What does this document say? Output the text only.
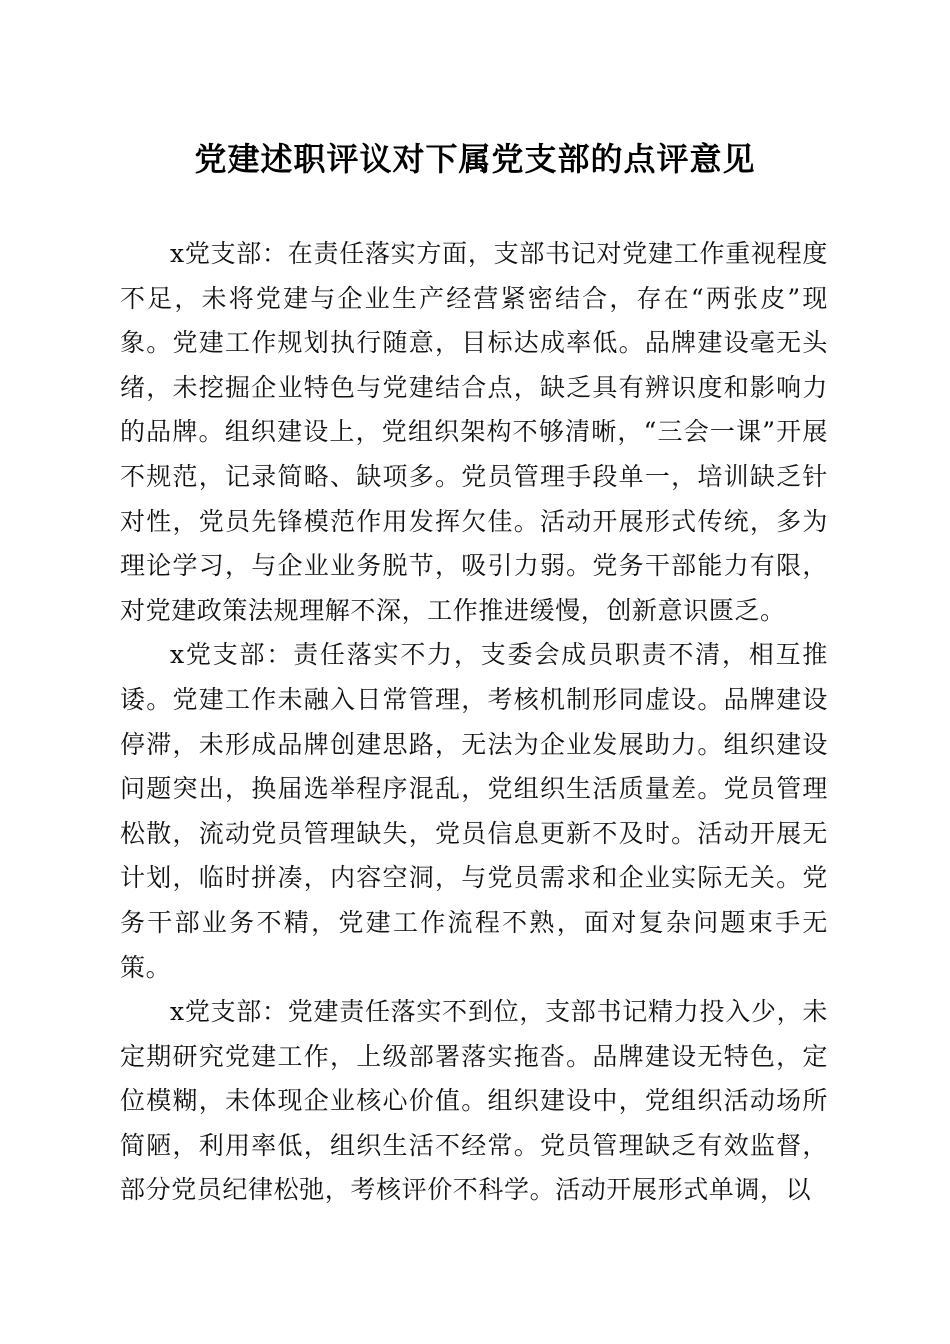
党建述职评议对下属党支部的点评意见

x党支部：在责任落实方面，支部书记对党建工作重视程度不足，未将党建与企业生产经营紧密结合，存在“两张皮”现象。党建工作规划执行随意，目标达成率低。品牌建设毫无头绪，未挖掘企业特色与党建结合点，缺乏具有辨识度和影响力的品牌。组织建设上，党组织架构不够清晰，“三会一课”开展不规范，记录简略、缺项多。党员管理手段单一，培训缺乏针对性，党员先锋模范作用发挥欠佳。活动开展形式传统，多为理论学习，与企业业务脱节，吸引力弱。党务干部能力有限，对党建政策法规理解不深，工作推进缓慢，创新意识匮乏。

x党支部：责任落实不力，支委会成员职责不清，相互推诿。党建工作未融入日常管理，考核机制形同虚设。品牌建设停滞，未形成品牌创建思路，无法为企业发展助力。组织建设问题突出，换届选举程序混乱，党组织生活质量差。党员管理松散，流动党员管理缺失，党员信息更新不及时。活动开展无计划，临时拼凑，内容空洞，与党员需求和企业实际无关。党务干部业务不精，党建工作流程不熟，面对复杂问题束手无策。

x党支部：党建责任落实不到位，支部书记精力投入少，未定期研究党建工作，上级部署落实拖沓。品牌建设无特色，定位模糊，未体现企业核心价值。组织建设中，党组织活动场所简陋，利用率低，组织生活不经常。党员管理缺乏有效监督，部分党员纪律松弛，考核评价不科学。活动开展形式单调，以
